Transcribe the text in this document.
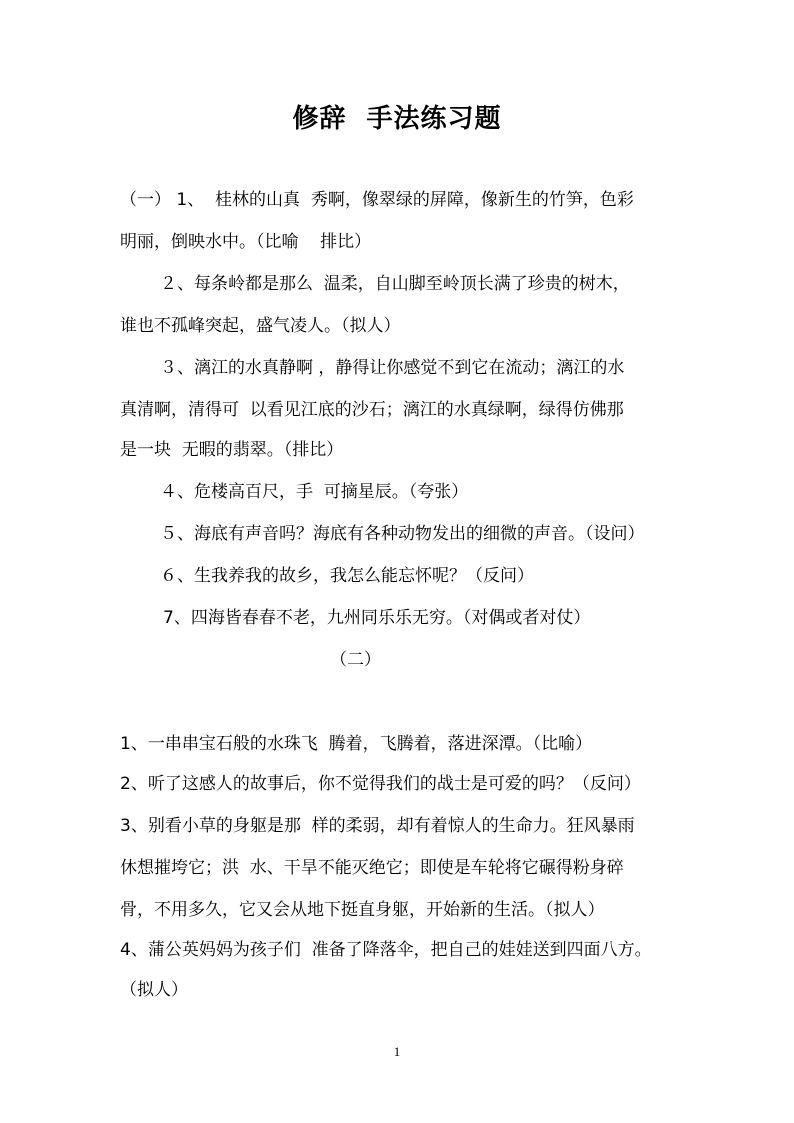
修辞  手法练习题
（一） 1、  桂林的山真  秀啊，像翠绿的屏障，像新生的竹笋，色彩
明丽，倒映水中。（比喻    排比）
２、每条岭都是那么  温柔，自山脚至岭顶长满了珍贵的树木，
谁也不孤峰突起，盛气凌人。（拟人）
３、漓江的水真静啊 ，静得让你感觉不到它在流动；漓江的水
真清啊，清得可  以看见江底的沙石；漓江的水真绿啊，绿得仿佛那
是一块  无暇的翡翠。（排比）
４、危楼高百尺，手  可摘星辰。（夸张）
５、海底有声音吗？海底有各种动物发出的细微的声音。（设问）
６、生我养我的故乡，我怎么能忘怀呢？（反问）
7、四海皆春春不老，九州同乐乐无穷。（对偶或者对仗）
（二）
1、一串串宝石般的水珠飞  腾着，飞腾着，落进深潭。（比喻）
2、听了这感人的故事后，你不觉得我们的战士是可爱的吗？（反问）
3、别看小草的身躯是那  样的柔弱，却有着惊人的生命力。狂风暴雨
休想摧垮它；洪  水、干旱不能灭绝它；即使是车轮将它碾得粉身碎
骨，不用多久，它又会从地下挺直身躯，开始新的生活。（拟人）
4、蒲公英妈妈为孩子们  准备了降落伞，把自己的娃娃送到四面八方。
（拟人）
1
